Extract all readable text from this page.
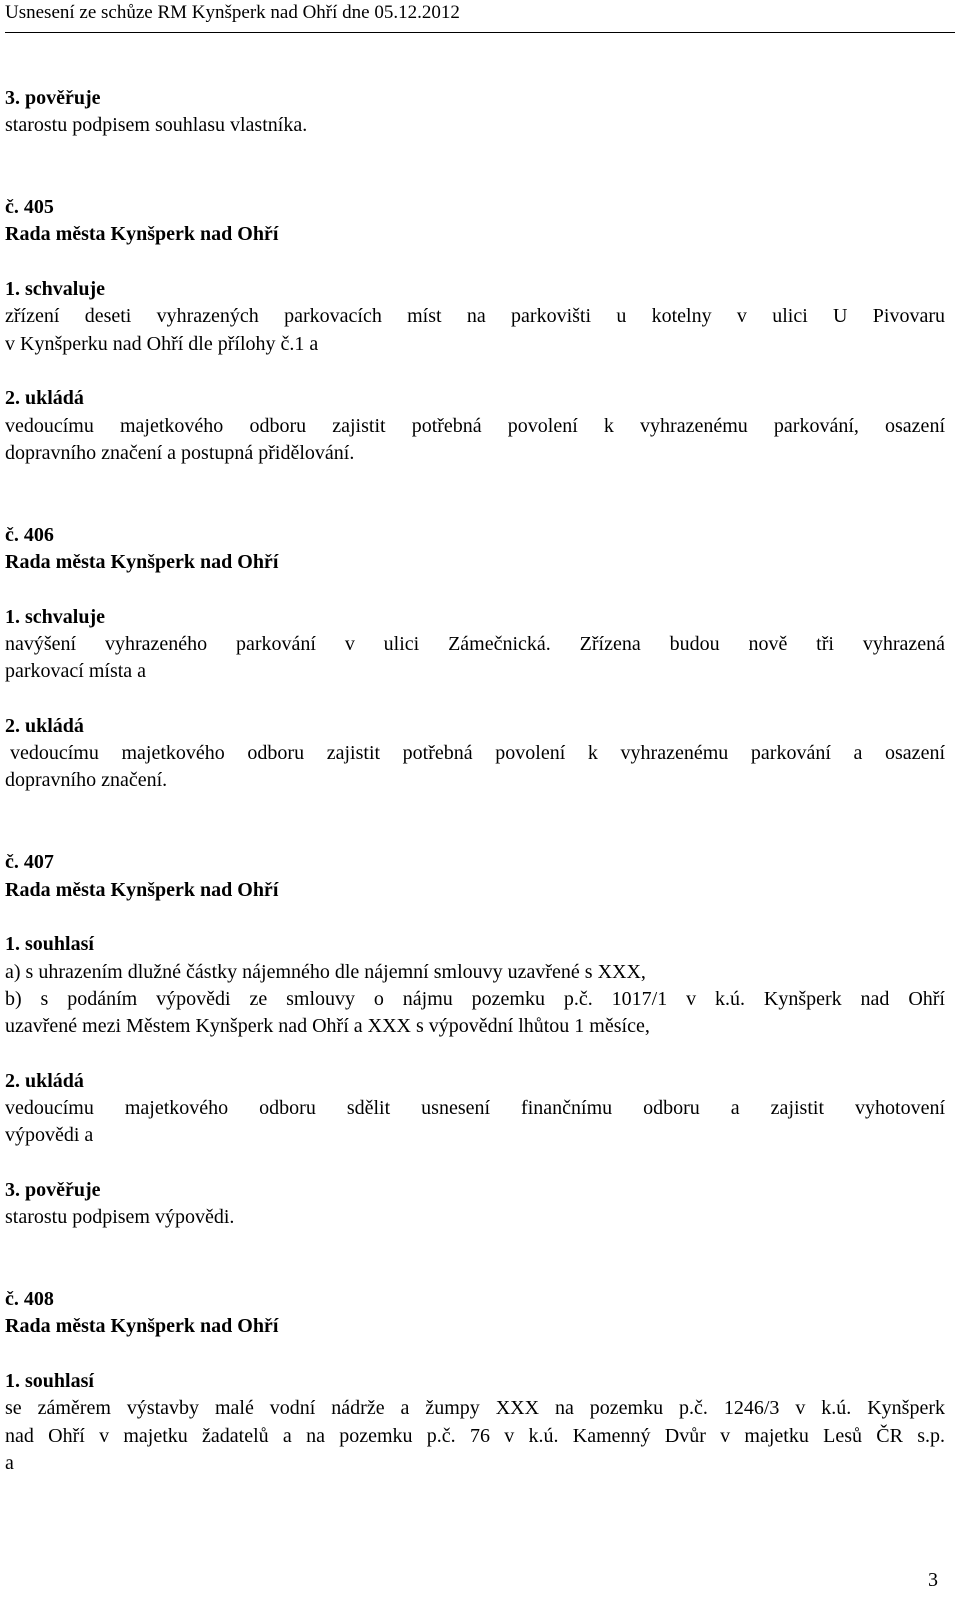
Usnesení ze schůze RM Kynšperk nad Ohří dne 05.12.2012
3. pověřuje
starostu podpisem souhlasu vlastníka.
č. 405
Rada města Kynšperk nad Ohří
1. schvaluje
zřízení deseti vyhrazených parkovacích míst na parkovišti u kotelny v ulici U Pivovaru
v Kynšperku nad Ohří dle přílohy č.1 a
2. ukládá
vedoucímu majetkového odboru zajistit potřebná povolení k vyhrazenému parkování, osazení
dopravního značení a postupná přidělování.
č. 406
Rada města Kynšperk nad Ohří
1. schvaluje
navýšení vyhrazeného parkování v ulici Zámečnická. Zřízena budou nově tři vyhrazená
parkovací místa a
2. ukládá
vedoucímu majetkového odboru zajistit potřebná povolení k vyhrazenému parkování a osazení
dopravního značení.
č. 407
Rada města Kynšperk nad Ohří
1. souhlasí
a) s uhrazením dlužné částky nájemného dle nájemní smlouvy uzavřené s XXX,
b) s podáním výpovědi ze smlouvy o nájmu pozemku p.č. 1017/1 v k.ú. Kynšperk nad Ohří
uzavřené mezi Městem Kynšperk nad Ohří a XXX s výpovědní lhůtou 1 měsíce,
2. ukládá
vedoucímu majetkového odboru sdělit usnesení finančnímu odboru a zajistit vyhotovení
výpovědi a
3. pověřuje
starostu podpisem výpovědi.
č. 408
Rada města Kynšperk nad Ohří
1. souhlasí
se záměrem výstavby malé vodní nádrže a žumpy XXX na pozemku p.č. 1246/3 v k.ú. Kynšperk
nad Ohří v majetku žadatelů a na pozemku p.č. 76 v k.ú. Kamenný Dvůr v majetku Lesů ČR s.p.
a
3
